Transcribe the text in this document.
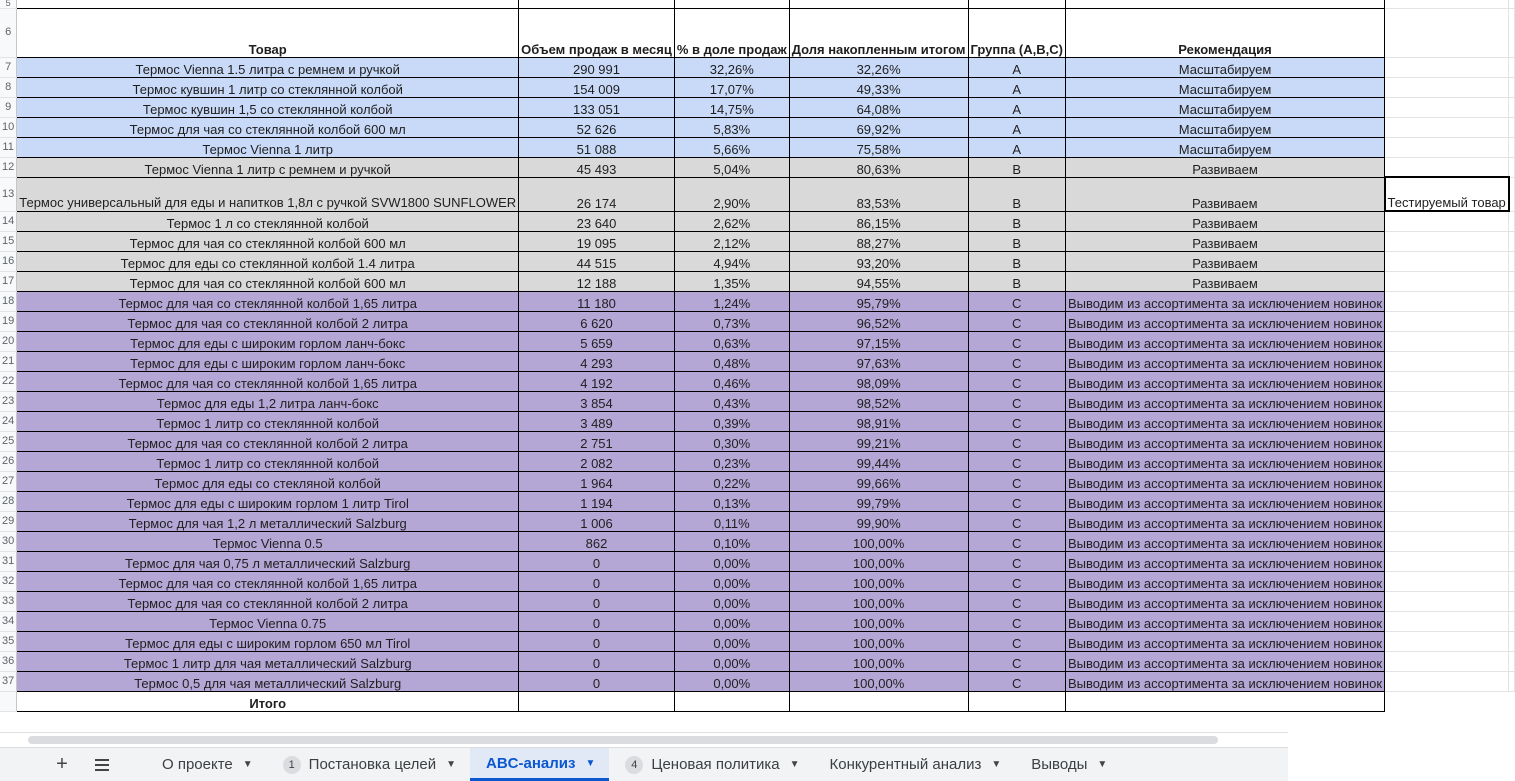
5								
6	Товар	Объем продаж в месяц	% в доле продаж	Доля накопленным итогом	Группа (A,B,C)	Рекомендация		
7	Термос Vienna 1.5 литра с ремнем и ручкой	290 991	32,26%	32,26%	A	Масштабируем		
8	Термос кувшин 1 литр со стеклянной колбой	154 009	17,07%	49,33%	A	Масштабируем		
9	Термос кувшин 1,5 со стеклянной колбой	133 051	14,75%	64,08%	A	Масштабируем		
10	Термос для чая со стеклянной колбой 600 мл	52 626	5,83%	69,92%	A	Масштабируем		
11	Термос Vienna 1 литр	51 088	5,66%	75,58%	A	Масштабируем		
12	Термос Vienna 1 литр с ремнем и ручкой	45 493	5,04%	80,63%	B	Развиваем		
13	Термос универсальный для еды и напитков 1,8л с ручкой SVW1800 SUNFLOWER	26 174	2,90%	83,53%	B	Развиваем	Тестируемый товар	
14	Термос 1 л со стеклянной колбой	23 640	2,62%	86,15%	B	Развиваем		
15	Термос для чая со стеклянной колбой 600 мл	19 095	2,12%	88,27%	B	Развиваем		
16	Термос для еды со стеклянной колбой 1.4 литра	44 515	4,94%	93,20%	B	Развиваем		
17	Термос для чая со стеклянной колбой 600 мл	12 188	1,35%	94,55%	B	Развиваем		
18	Термос для чая со стеклянной колбой 1,65 литра	11 180	1,24%	95,79%	C	Выводим из ассортимента за исключением новинок		
19	Термос для чая со стеклянной колбой 2 литра	6 620	0,73%	96,52%	C	Выводим из ассортимента за исключением новинок		
20	Термос для еды с широким горлом ланч-бокс	5 659	0,63%	97,15%	C	Выводим из ассортимента за исключением новинок		
21	Термос для еды с широким горлом ланч-бокс	4 293	0,48%	97,63%	C	Выводим из ассортимента за исключением новинок		
22	Термос для чая со стеклянной колбой 1,65 литра	4 192	0,46%	98,09%	C	Выводим из ассортимента за исключением новинок		
23	Термос для еды 1,2 литра ланч-бокс	3 854	0,43%	98,52%	C	Выводим из ассортимента за исключением новинок		
24	Термос 1 литр со стеклянной колбой	3 489	0,39%	98,91%	C	Выводим из ассортимента за исключением новинок		
25	Термос для чая со стеклянной колбой 2 литра	2 751	0,30%	99,21%	C	Выводим из ассортимента за исключением новинок		
26	Термос 1 литр со стеклянной колбой	2 082	0,23%	99,44%	C	Выводим из ассортимента за исключением новинок		
27	Термос для еды со стекляной колбой	1 964	0,22%	99,66%	C	Выводим из ассортимента за исключением новинок		
28	Термос для еды с широким горлом 1 литр Tirol	1 194	0,13%	99,79%	C	Выводим из ассортимента за исключением новинок		
29	Термос для чая 1,2 л металлический Salzburg	1 006	0,11%	99,90%	C	Выводим из ассортимента за исключением новинок		
30	Термос Vienna 0.5	862	0,10%	100,00%	C	Выводим из ассортимента за исключением новинок		
31	Термос для чая 0,75 л металлический Salzburg	0	0,00%	100,00%	C	Выводим из ассортимента за исключением новинок		
32	Термос для чая со стеклянной колбой 1,65 литра	0	0,00%	100,00%	C	Выводим из ассортимента за исключением новинок		
33	Термос для чая со стеклянной колбой 2 литра	0	0,00%	100,00%	C	Выводим из ассортимента за исключением новинок		
34	Термос Vienna 0.75	0	0,00%	100,00%	C	Выводим из ассортимента за исключением новинок		
35	Термос для еды с широким горлом 650 мл Tirol	0	0,00%	100,00%	C	Выводим из ассортимента за исключением новинок		
36	Термос 1 литр для чая металлический Salzburg	0	0,00%	100,00%	C	Выводим из ассортимента за исключением новинок		
37	Термос 0,5 для чая металлический Salzburg	0	0,00%	100,00%	C	Выводим из ассортимента за исключением новинок		
	Итого							
+	О проекте ▼	1 Постановка целей ▼ ABC-анализ ▼	4 Ценовая политика ▼ Конкурентный анализ ▼ Выводы ▼
